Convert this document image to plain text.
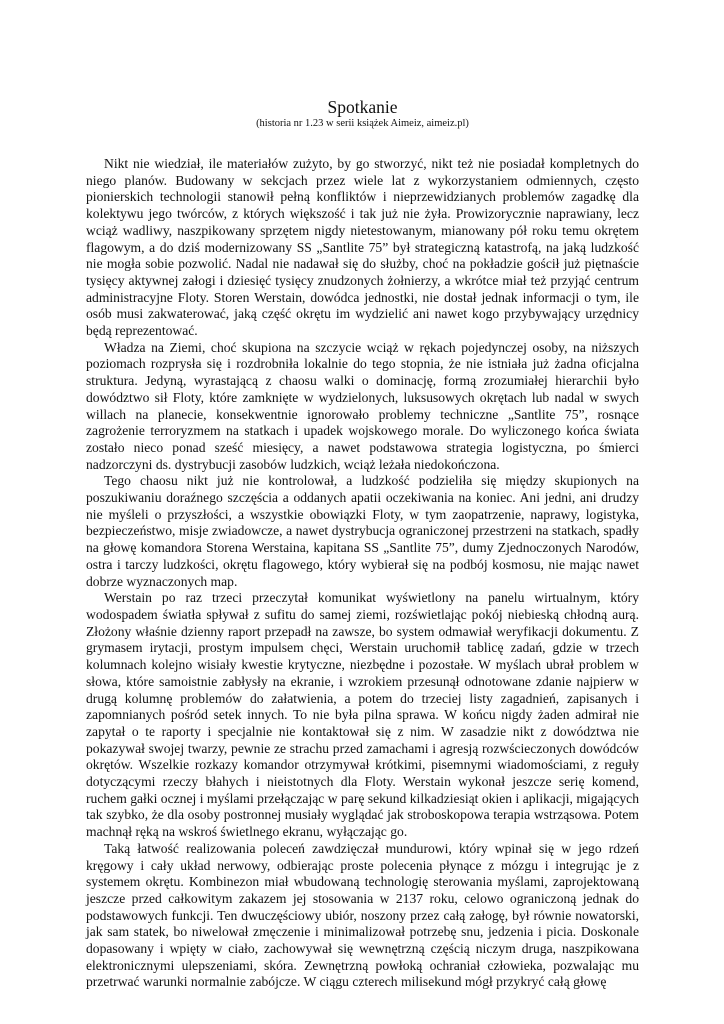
Spotkanie
(historia nr 1.23 w serii książek Aimeiz, aimeiz.pl)

Nikt nie wiedział, ile materiałów zużyto, by go stworzyć, nikt też nie posiadał kompletnych do niego planów. Budowany w sekcjach przez wiele lat z wykorzystaniem odmiennych, często pionierskich technologii stanowił pełną konfliktów i nieprzewidzianych problemów zagadkę dla kolektywu jego twórców, z których większość i tak już nie żyła. Prowizorycznie naprawiany, lecz wciąż wadliwy, naszpikowany sprzętem nigdy nietestowanym, mianowany pół roku temu okrętem flagowym, a do dziś modernizowany SS „Santlite 75” był strategiczną katastrofą, na jaką ludzkość nie mogła sobie pozwolić. Nadal nie nadawał się do służby, choć na pokładzie gościł już piętnaście tysięcy aktywnej załogi i dziesięć tysięcy znudzonych żołnierzy, a wkrótce miał też przyjąć centrum administracyjne Floty. Storen Werstain, dowódca jednostki, nie dostał jednak informacji o tym, ile osób musi zakwaterować, jaką część okrętu im wydzielić ani nawet kogo przybywający urzędnicy będą reprezentować.

Władza na Ziemi, choć skupiona na szczycie wciąż w rękach pojedynczej osoby, na niższych poziomach rozprysła się i rozdrobniła lokalnie do tego stopnia, że nie istniała już żadna oficjalna struktura. Jedyną, wyrastającą z chaosu walki o dominację, formą zrozumiałej hierarchii było dowództwo sił Floty, które zamknięte w wydzielonych, luksusowych okrętach lub nadal w swych willach na planecie, konsekwentnie ignorowało problemy techniczne „Santlite 75”, rosnące zagrożenie terroryzmem na statkach i upadek wojskowego morale. Do wyliczonego końca świata zostało nieco ponad sześć miesięcy, a nawet podstawowa strategia logistyczna, po śmierci nadzorczyni ds. dystrybucji zasobów ludzkich, wciąż leżała niedokończona.

Tego chaosu nikt już nie kontrolował, a ludzkość podzieliła się między skupionych na poszukiwaniu doraźnego szczęścia a oddanych apatii oczekiwania na koniec. Ani jedni, ani drudzy nie myśleli o przyszłości, a wszystkie obowiązki Floty, w tym zaopatrzenie, naprawy, logistyka, bezpieczeństwo, misje zwiadowcze, a nawet dystrybucja ograniczonej przestrzeni na statkach, spadły na głowę komandora Storena Werstaina, kapitana SS „Santlite 75”, dumy Zjednoczonych Narodów, ostra i tarczy ludzkości, okrętu flagowego, który wybierał się na podbój kosmosu, nie mając nawet dobrze wyznaczonych map.

Werstain po raz trzeci przeczytał komunikat wyświetlony na panelu wirtualnym, który wodospadem światła spływał z sufitu do samej ziemi, rozświetlając pokój niebieską chłodną aurą. Złożony właśnie dzienny raport przepadł na zawsze, bo system odmawiał weryfikacji dokumentu. Z grymasem irytacji, prostym impulsem chęci, Werstain uruchomił tablicę zadań, gdzie w trzech kolumnach kolejno wisiały kwestie krytyczne, niezbędne i pozostałe. W myślach ubrał problem w słowa, które samoistnie zabłysły na ekranie, i wzrokiem przesunął odnotowane zdanie najpierw w drugą kolumnę problemów do załatwienia, a potem do trzeciej listy zagadnień, zapisanych i zapomnianych pośród setek innych. To nie była pilna sprawa. W końcu nigdy żaden admirał nie zapytał o te raporty i specjalnie nie kontaktował się z nim. W zasadzie nikt z dowództwa nie pokazywał swojej twarzy, pewnie ze strachu przed zamachami i agresją rozwścieczonych dowódców okrętów. Wszelkie rozkazy komandor otrzymywał krótkimi, pisemnymi wiadomościami, z reguły dotyczącymi rzeczy błahych i nieistotnych dla Floty. Werstain wykonał jeszcze serię komend, ruchem gałki ocznej i myślami przełączając w parę sekund kilkadziesiąt okien i aplikacji, migających tak szybko, że dla osoby postronnej musiały wyglądać jak stroboskopowa terapia wstrząsowa. Potem machnął ręką na wskroś świetlnego ekranu, wyłączając go.

Taką łatwość realizowania poleceń zawdzięczał mundurowi, który wpinał się w jego rdzeń kręgowy i cały układ nerwowy, odbierając proste polecenia płynące z mózgu i integrując je z systemem okrętu. Kombinezon miał wbudowaną technologię sterowania myślami, zaprojektowaną jeszcze przed całkowitym zakazem jej stosowania w 2137 roku, celowo ograniczoną jednak do podstawowych funkcji. Ten dwuczęściowy ubiór, noszony przez całą załogę, był równie nowatorski, jak sam statek, bo niwelował zmęczenie i minimalizował potrzebę snu, jedzenia i picia. Doskonale dopasowany i wpięty w ciało, zachowywał się wewnętrzną częścią niczym druga, naszpikowana elektronicznymi ulepszeniami, skóra. Zewnętrzną powłoką ochraniał człowieka, pozwalając mu przetrwać warunki normalnie zabójcze. W ciągu czterech milisekund mógł przykryć całą głowę
